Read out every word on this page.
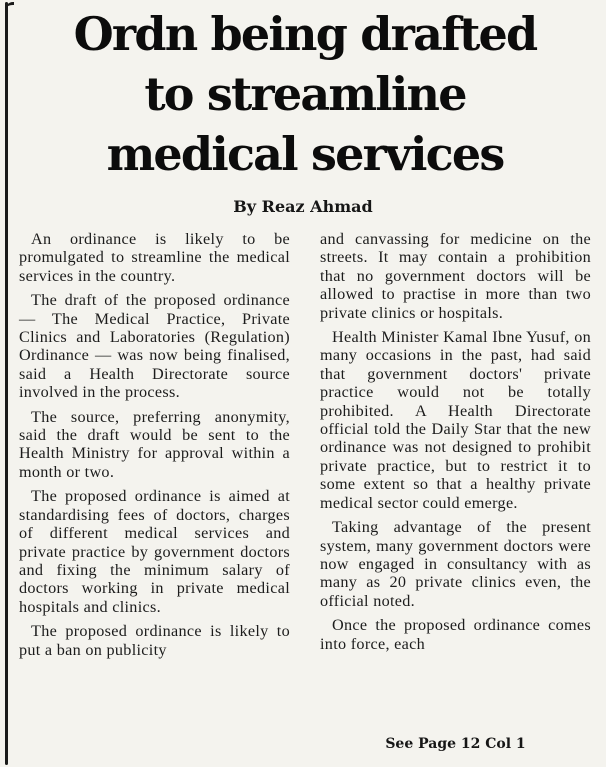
Ordn being drafted
to streamline
medical services

By Reaz Ahmad

An ordinance is likely to be promulgated to streamline the medical services in the country.

The draft of the proposed ordinance — The Medical Practice, Private Clinics and Laboratories (Regulation) Ordinance — was now being finalised, said a Health Directorate source involved in the process.

The source, preferring anonymity, said the draft would be sent to the Health Ministry for approval within a month or two.

The proposed ordinance is aimed at standardising fees of doctors, charges of different medical services and private practice by government doctors and fixing the minimum salary of doctors working in private medical hospitals and clinics.

The proposed ordinance is likely to put a ban on publicity

and canvassing for medicine on the streets. It may contain a prohibition that no government doctors will be allowed to practise in more than two private clinics or hospitals.

Health Minister Kamal Ibne Yusuf, on many occasions in the past, had said that government doctors' private practice would not be totally prohibited. A Health Directorate official told the Daily Star that the new ordinance was not designed to prohibit private practice, but to restrict it to some extent so that a healthy private medical sector could emerge.

Taking advantage of the present system, many government doctors were now engaged in consultancy with as many as 20 private clinics even, the official noted.

Once the proposed ordinance comes into force, each

See Page 12 Col 1
